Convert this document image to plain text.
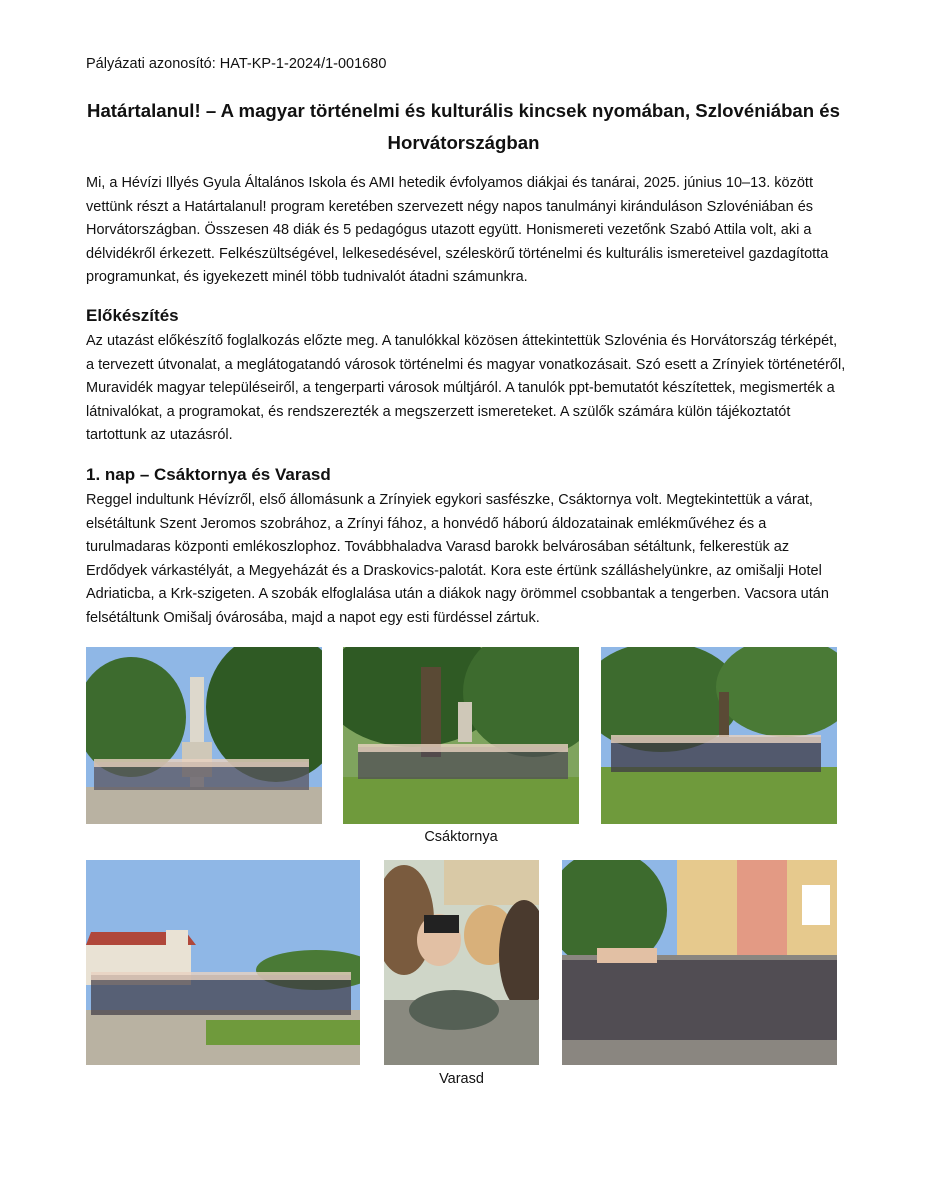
Pályázati azonosító: HAT-KP-1-2024/1-001680
Határtalanul! – A magyar történelmi és kulturális kincsek nyomában, Szlovéniában és
Horvátországban

Mi, a Hévízi Illyés Gyula Általános Iskola és AMI hetedik évfolyamos diákjai és tanárai, 2025. június 10–13. között vettünk részt a Határtalanul! program keretében szervezett négy napos tanulmányi kiránduláson Szlovéniában és Horvátországban. Összesen 48 diák és 5 pedagógus utazott együtt. Honismereti vezetőnk Szabó Attila volt, aki a délvidékről érkezett. Felkészültségével, lelkesedésével, széleskörű történelmi és kulturális ismereteivel gazdagította programunkat, és igyekezett minél több tudnivalót átadni számunkra.

Előkészítés

Az utazást előkészítő foglalkozás előzte meg. A tanulókkal közösen áttekintettük Szlovénia és Horvátország térképét, a tervezett útvonalat, a meglátogatandó városok történelmi és magyar vonatkozásait. Szó esett a Zrínyiek történetéről, Muravidék magyar településeiről, a tengerparti városok múltjáról. A tanulók ppt-bemutatót készítettek, megismerték a látnivalókat, a programokat, és rendszerezték a megszerzett ismereteket. A szülők számára külön tájékoztatót tartottunk az utazásról.

1. nap – Csáktornya és Varasd

Reggel indultunk Hévízről, első állomásunk a Zrínyiek egykori sasfészke, Csáktornya volt. Megtekintettük a várat, elsétáltunk Szent Jeromos szobrához, a Zrínyi fához, a honvédő háború áldozatainak emlékművéhez és a turulmadaras központi emlékoszlophoz. Továbbhaladva Varasd barokk belvárosában sétáltunk, felkerestük az Erdődyek várkastélyát, a Megyeházát és a Draskovics-palotát. Kora este értünk szálláshelyünkre, az omišalji Hotel Adriaticba, a Krk-szigeten. A szobák elfoglalása után a diákok nagy örömmel csobbantak a tengerben. Vacsora után felsétáltunk Omišalj óvárosába, majd a napot egy esti fürdéssel zártuk.

Csáktornya
Varasd
